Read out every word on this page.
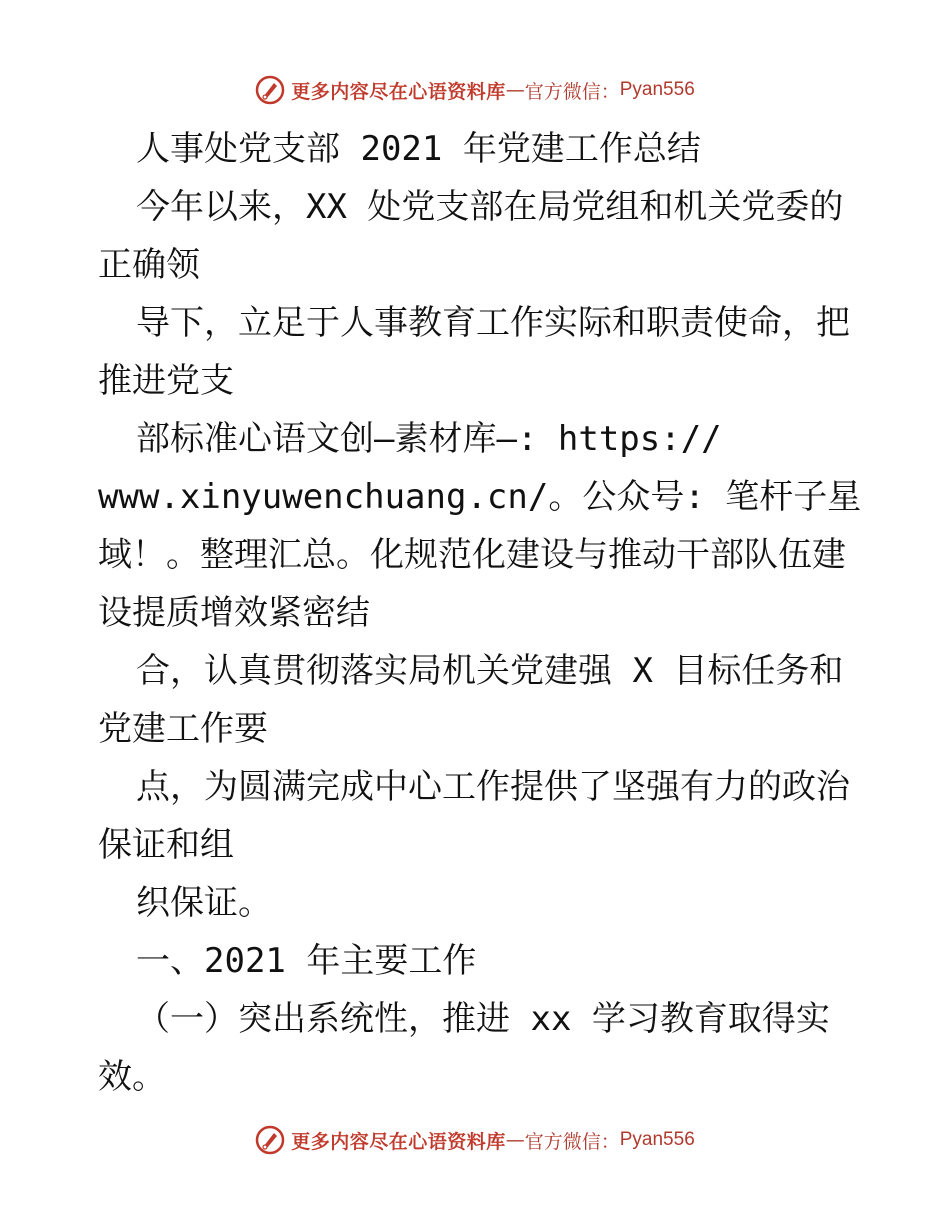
更多内容尽在心语资料库 — 官方微信： Pyan556
人事处党支部 2021 年党建工作总结
今年以来，XX 处党支部在局党组和机关党委的
正确领
导下，立足于人事教育工作实际和职责使命，把
推进党支
部标准心语文创—素材库—: https://
www.xinyuwenchuang.cn/。公众号: 笔杆子星
域！。整理汇总。化规范化建设与推动干部队伍建
设提质增效紧密结
合，认真贯彻落实局机关党建强 X 目标任务和
党建工作要
点，为圆满完成中心工作提供了坚强有力的政治
保证和组
织保证。
一、2021 年主要工作
（一）突出系统性，推进 xx 学习教育取得实
效。
更多内容尽在心语资料库 — 官方微信： Pyan556
